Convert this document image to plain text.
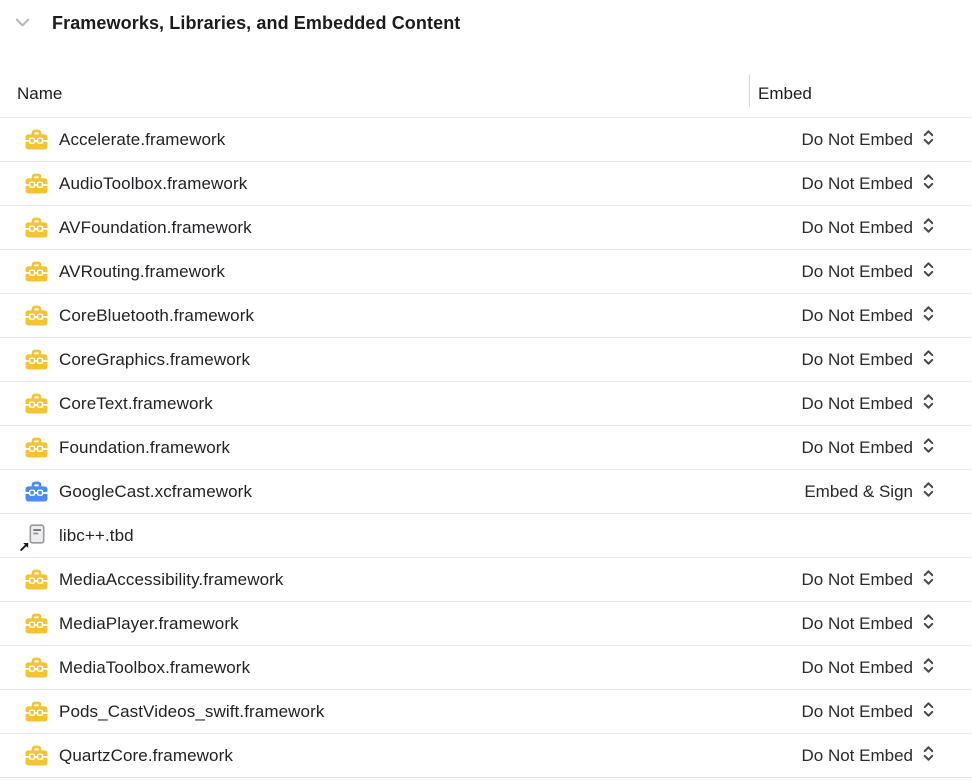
Frameworks, Libraries, and Embedded Content
Name	Embed
Accelerate.framework	Do Not Embed
AudioToolbox.framework	Do Not Embed
AVFoundation.framework	Do Not Embed
AVRouting.framework	Do Not Embed
CoreBluetooth.framework	Do Not Embed
CoreGraphics.framework	Do Not Embed
CoreText.framework	Do Not Embed
Foundation.framework	Do Not Embed
GoogleCast.xcframework	Embed & Sign
libc++.tbd
MediaAccessibility.framework	Do Not Embed
MediaPlayer.framework	Do Not Embed
MediaToolbox.framework	Do Not Embed
Pods_CastVideos_swift.framework	Do Not Embed
QuartzCore.framework	Do Not Embed
